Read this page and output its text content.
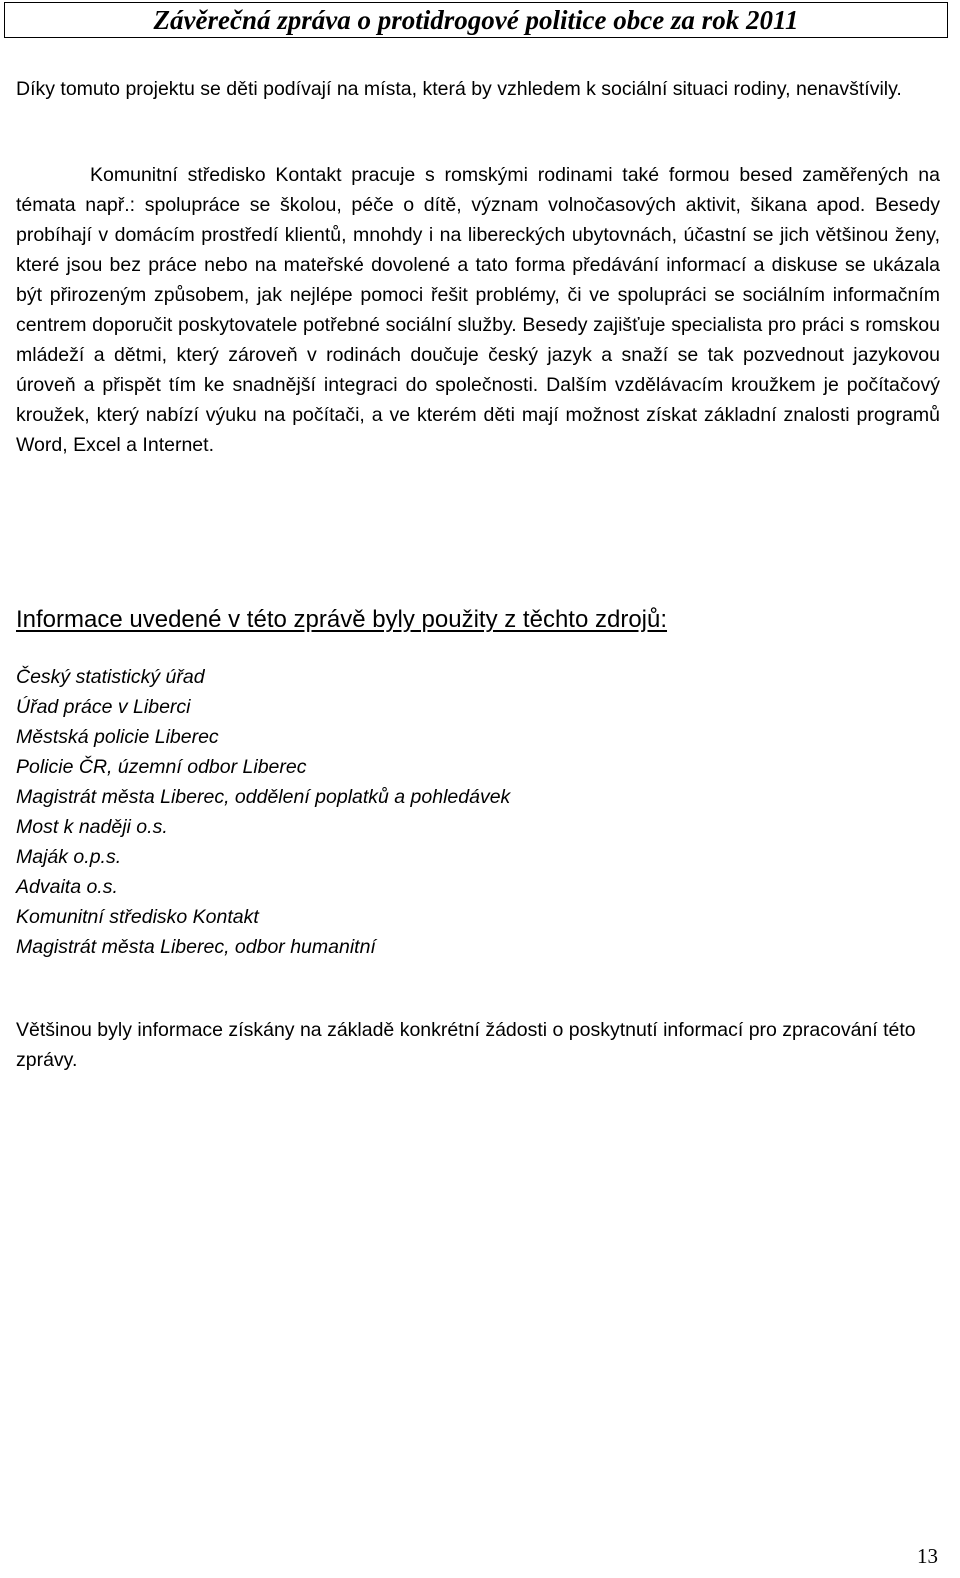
Závěrečná zpráva o protidrogové politice obce za rok 2011

Díky tomuto projektu se děti podívají na místa, která by vzhledem k sociální situaci rodiny, nenavštívily.

Komunitní středisko Kontakt pracuje s romskými rodinami také formou besed zaměřených na témata např.: spolupráce se školou, péče o dítě, význam volnočasových aktivit, šikana apod. Besedy probíhají v domácím prostředí klientů, mnohdy i na libereckých ubytovnách, účastní se jich většinou ženy, které jsou bez práce nebo na mateřské dovolené a tato forma předávání informací a diskuse se ukázala být přirozeným způsobem, jak nejlépe pomoci řešit problémy, či ve spolupráci se sociálním informačním centrem doporučit poskytovatele potřebné sociální služby. Besedy zajišťuje specialista pro práci s romskou mládeží a dětmi, který zároveň v rodinách doučuje český jazyk a snaží se tak pozvednout jazykovou úroveň a přispět tím ke snadnější integraci do společnosti. Dalším vzdělávacím kroužkem je počítačový kroužek, který nabízí výuku na počítači, a ve kterém děti mají možnost získat základní znalosti programů Word, Excel a Internet.

Informace uvedené v této zprávě byly použity z těchto zdrojů:
Český statistický úřad
Úřad práce v Liberci
Městská policie Liberec
Policie ČR, územní odbor Liberec
Magistrát města Liberec, oddělení poplatků a pohledávek
Most k naději o.s.
Maják o.p.s.
Advaita o.s.
Komunitní středisko Kontakt
Magistrát města Liberec, odbor humanitní

Většinou byly informace získány na základě konkrétní žádosti o poskytnutí informací pro zpracování této zprávy.

13
